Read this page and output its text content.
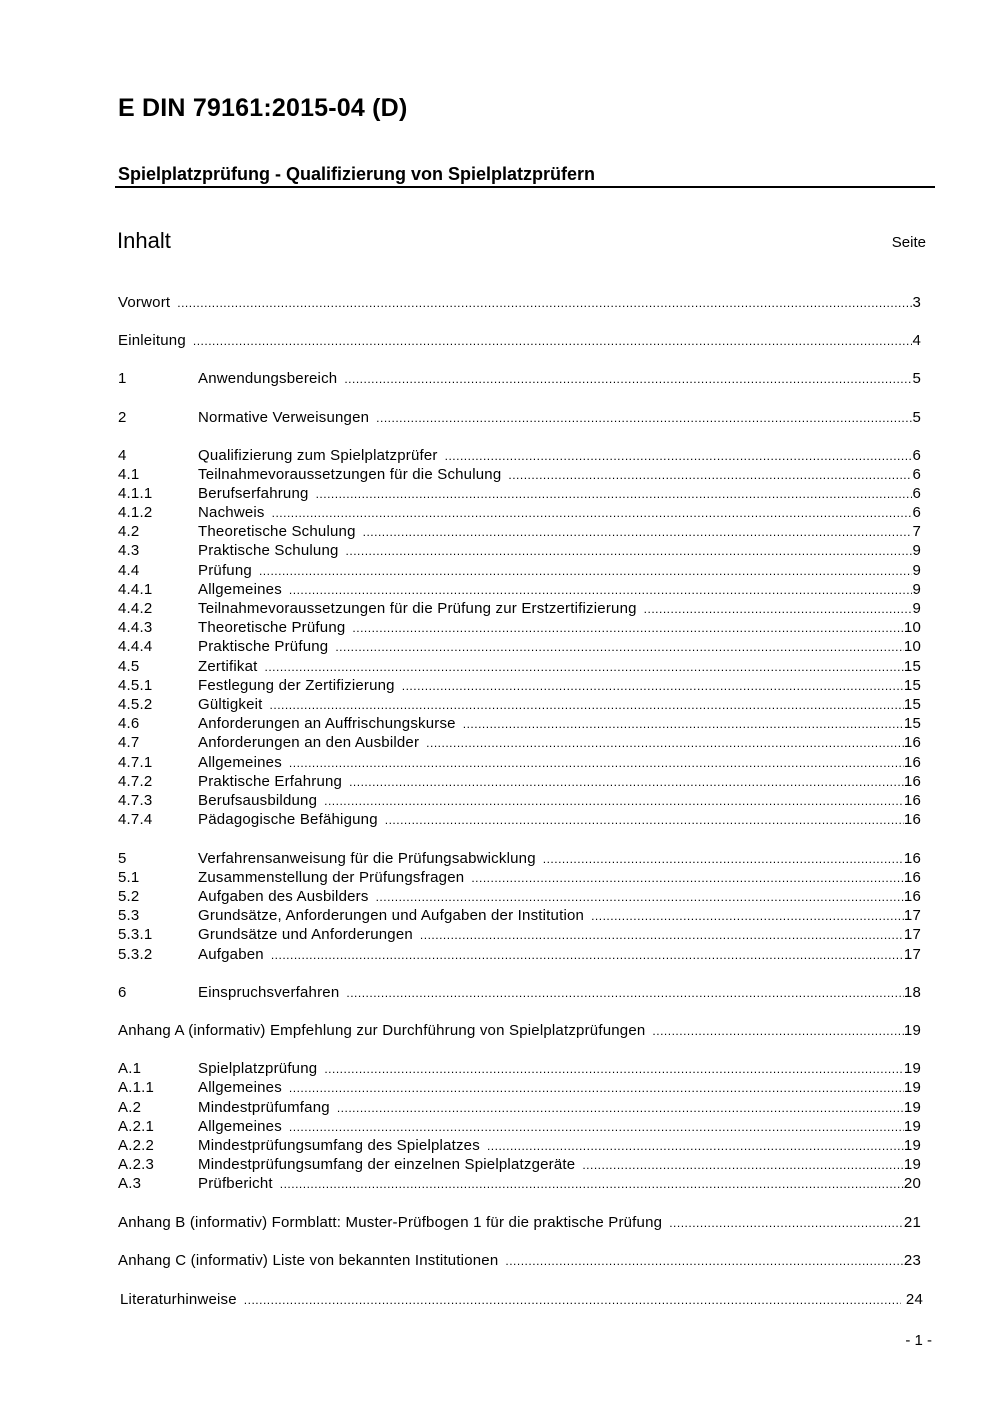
E DIN 79161:2015-04 (D)
Spielplatzprüfung - Qualifizierung von Spielplatzprüfern
Inhalt	Seite
Vorwort .....	3
Einleitung .....	4
1	Anwendungsbereich .....	5
2	Normative Verweisungen .....	5
4	Qualifizierung zum Spielplatzprüfer .....	6
4.1	Teilnahmevoraussetzungen für die Schulung .....	6
4.1.1	Berufserfahrung .....	6
4.1.2	Nachweis .....	6
4.2	Theoretische Schulung .....	7
4.3	Praktische Schulung .....	9
4.4	Prüfung .....	9
4.4.1	Allgemeines .....	9
4.4.2	Teilnahmevoraussetzungen für die Prüfung zur Erstzertifizierung .....	9
4.4.3	Theoretische Prüfung .....	10
4.4.4	Praktische Prüfung .....	10
4.5	Zertifikat .....	15
4.5.1	Festlegung der Zertifizierung .....	15
4.5.2	Gültigkeit .....	15
4.6	Anforderungen an Auffrischungskurse .....	15
4.7	Anforderungen an den Ausbilder .....	16
4.7.1	Allgemeines .....	16
4.7.2	Praktische Erfahrung .....	16
4.7.3	Berufsausbildung .....	16
4.7.4	Pädagogische Befähigung .....	16
5	Verfahrensanweisung für die Prüfungsabwicklung .....	16
5.1	Zusammenstellung der Prüfungsfragen .....	16
5.2	Aufgaben des Ausbilders .....	16
5.3	Grundsätze, Anforderungen und Aufgaben der Institution .....	17
5.3.1	Grundsätze und Anforderungen .....	17
5.3.2	Aufgaben .....	17
6	Einspruchsverfahren .....	18
Anhang A (informativ) Empfehlung zur Durchführung von Spielplatzprüfungen .....	19
A.1	Spielplatzprüfung .....	19
A.1.1	Allgemeines .....	19
A.2	Mindestprüfumfang .....	19
A.2.1	Allgemeines .....	19
A.2.2	Mindestprüfungsumfang des Spielplatzes .....	19
A.2.3	Mindestprüfungsumfang der einzelnen Spielplatzgeräte .....	19
A.3	Prüfbericht .....	20
Anhang B (informativ) Formblatt: Muster-Prüfbogen 1 für die praktische Prüfung .....	21
Anhang C (informativ) Liste von bekannten Institutionen .....	23
Literaturhinweise .....	24
- 1 -
